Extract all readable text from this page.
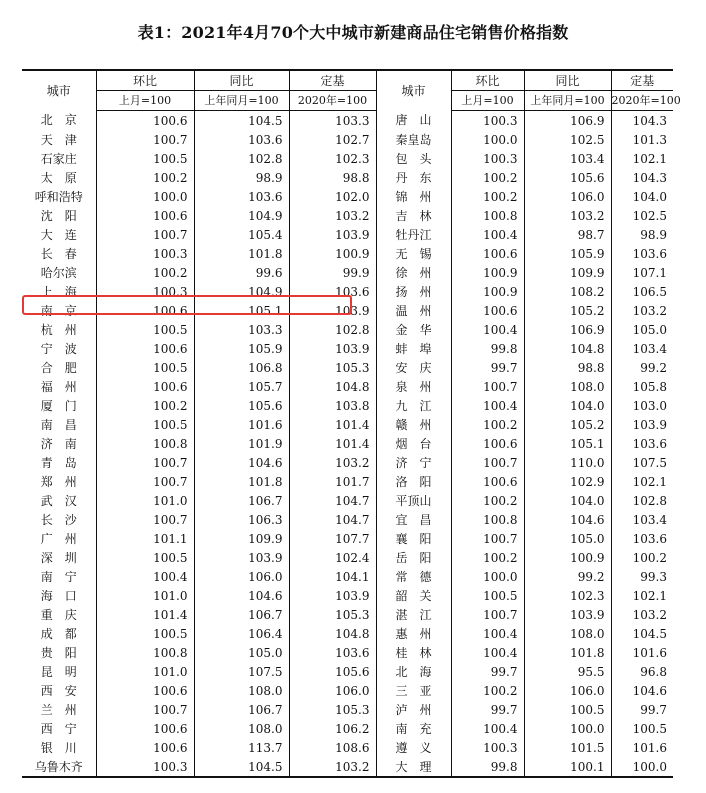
表1：2021年4月70个大中城市新建商品住宅销售价格指数
城市	环比	同比	定基	城市	环比	同比	定基
	上月=100	上年同月=100	2020年=100		上月=100	上年同月=100	2020年=100
北　京	100.6	104.5	103.3	唐　山	100.3	106.9	104.3
天　津	100.7	103.6	102.7	秦皇岛	100.0	102.5	101.3
石家庄	100.5	102.8	102.3	包　头	100.3	103.4	102.1
太　原	100.2	98.9	98.8	丹　东	100.2	105.6	104.3
呼和浩特	100.0	103.6	102.0	锦　州	100.2	106.0	104.0
沈　阳	100.6	104.9	103.2	吉　林	100.8	103.2	102.5
大　连	100.7	105.4	103.9	牡丹江	100.4	98.7	98.9
长　春	100.3	101.8	100.9	无　锡	100.6	105.9	103.6
哈尔滨	100.2	99.6	99.9	徐　州	100.9	109.9	107.1
上　海	100.3	104.9	103.6	扬　州	100.9	108.2	106.5
南　京	100.6	105.1	103.9	温　州	100.6	105.2	103.2
杭　州	100.5	103.3	102.8	金　华	100.4	106.9	105.0
宁　波	100.6	105.9	103.9	蚌　埠	99.8	104.8	103.4
合　肥	100.5	106.8	105.3	安　庆	99.7	98.8	99.2
福　州	100.6	105.7	104.8	泉　州	100.7	108.0	105.8
厦　门	100.2	105.6	103.8	九　江	100.4	104.0	103.0
南　昌	100.5	101.6	101.4	赣　州	100.2	105.2	103.9
济　南	100.8	101.9	101.4	烟　台	100.6	105.1	103.6
青　岛	100.7	104.6	103.2	济　宁	100.7	110.0	107.5
郑　州	100.7	101.8	101.7	洛　阳	100.6	102.9	102.1
武　汉	101.0	106.7	104.7	平顶山	100.2	104.0	102.8
长　沙	100.7	106.3	104.7	宜　昌	100.8	104.6	103.4
广　州	101.1	109.9	107.7	襄　阳	100.7	105.0	103.6
深　圳	100.5	103.9	102.4	岳　阳	100.2	100.9	100.2
南　宁	100.4	106.0	104.1	常　德	100.0	99.2	99.3
海　口	101.0	104.6	103.9	韶　关	100.5	102.3	102.1
重　庆	101.4	106.7	105.3	湛　江	100.7	103.9	103.2
成　都	100.5	106.4	104.8	惠　州	100.4	108.0	104.5
贵　阳	100.8	105.0	103.6	桂　林	100.4	101.8	101.6
昆　明	101.0	107.5	105.6	北　海	99.7	95.5	96.8
西　安	100.6	108.0	106.0	三　亚	100.2	106.0	104.6
兰　州	100.7	106.7	105.3	泸　州	99.7	100.5	99.7
西　宁	100.6	108.0	106.2	南　充	100.4	100.0	100.5
银　川	100.6	113.7	108.6	遵　义	100.3	101.5	101.6
乌鲁木齐	100.3	104.5	103.2	大　理	99.8	100.1	100.0
